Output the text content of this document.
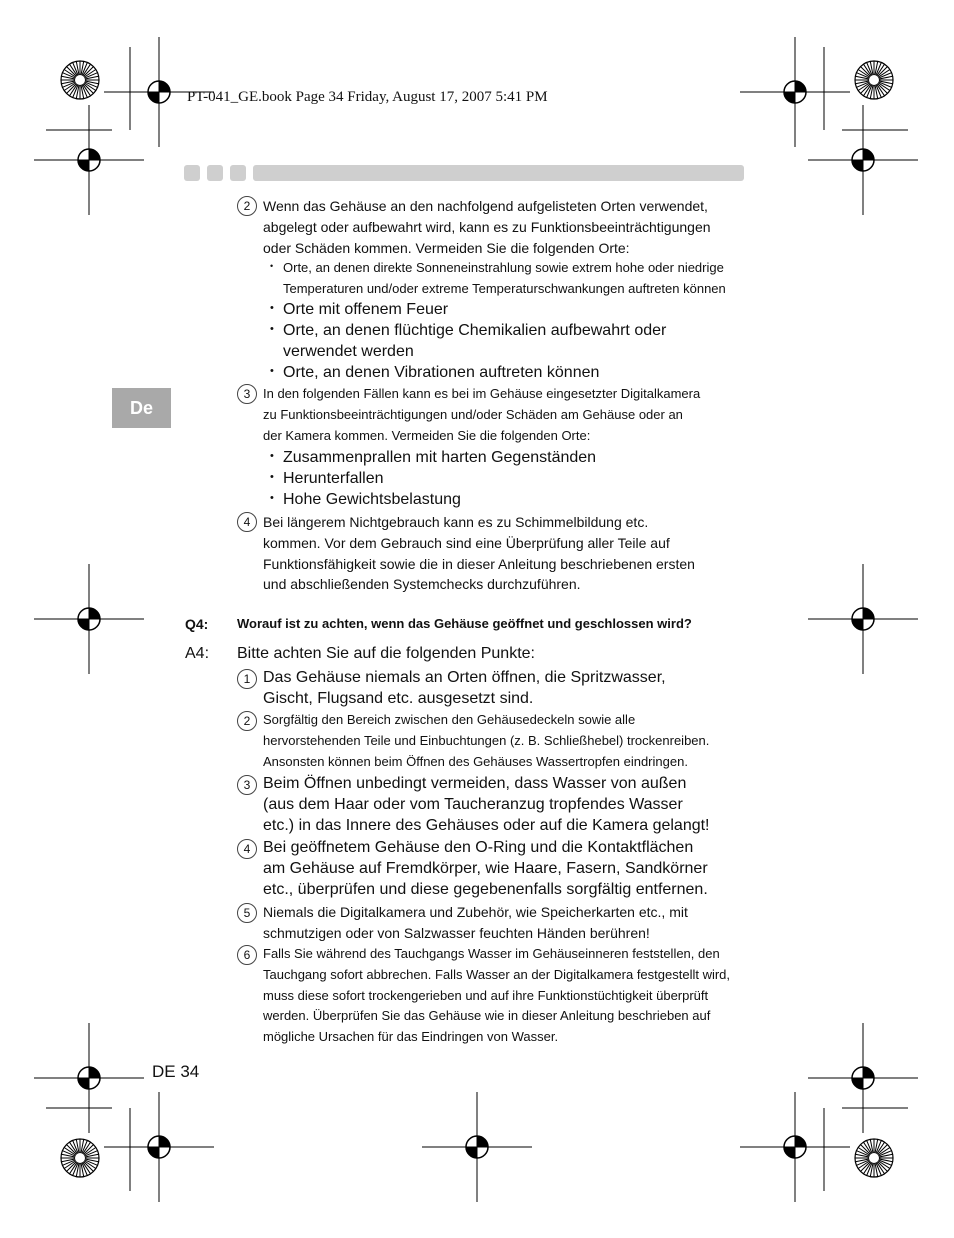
PT-041_GE.book Page 34 Friday, August 17, 2007 5:41 PM
De
2 Wenn das Gehäuse an den nachfolgend aufgelisteten Orten verwendet,
abgelegt oder aufbewahrt wird, kann es zu Funktionsbeeinträchtigungen
oder Schäden kommen. Vermeiden Sie die folgenden Orte:
• Orte, an denen direkte Sonneneinstrahlung sowie extrem hohe oder niedrige
Temperaturen und/oder extreme Temperaturschwankungen auftreten können
• Orte mit offenem Feuer
• Orte, an denen flüchtige Chemikalien aufbewahrt oder
verwendet werden
• Orte, an denen Vibrationen auftreten können
3 In den folgenden Fällen kann es bei im Gehäuse eingesetzter Digitalkamera
zu Funktionsbeeinträchtigungen und/oder Schäden am Gehäuse oder an
der Kamera kommen. Vermeiden Sie die folgenden Orte:
• Zusammenprallen mit harten Gegenständen
• Herunterfallen
• Hohe Gewichtsbelastung
4 Bei längerem Nichtgebrauch kann es zu Schimmelbildung etc.
kommen. Vor dem Gebrauch sind eine Überprüfung aller Teile auf
Funktionsfähigkeit sowie die in dieser Anleitung beschriebenen ersten
und abschließenden Systemchecks durchzuführen.
Q4: Worauf ist zu achten, wenn das Gehäuse geöffnet und geschlossen wird?
A4: Bitte achten Sie auf die folgenden Punkte:
1 Das Gehäuse niemals an Orten öffnen, die Spritzwasser,
Gischt, Flugsand etc. ausgesetzt sind.
2 Sorgfältig den Bereich zwischen den Gehäusedeckeln sowie alle
hervorstehenden Teile und Einbuchtungen (z. B. Schließhebel) trockenreiben.
Ansonsten können beim Öffnen des Gehäuses Wassertropfen eindringen.
3 Beim Öffnen unbedingt vermeiden, dass Wasser von außen
(aus dem Haar oder vom Taucheranzug tropfendes Wasser
etc.) in das Innere des Gehäuses oder auf die Kamera gelangt!
4 Bei geöffnetem Gehäuse den O-Ring und die Kontaktflächen
am Gehäuse auf Fremdkörper, wie Haare, Fasern, Sandkörner
etc., überprüfen und diese gegebenenfalls sorgfältig entfernen.
5 Niemals die Digitalkamera und Zubehör, wie Speicherkarten etc., mit
schmutzigen oder von Salzwasser feuchten Händen berühren!
6 Falls Sie während des Tauchgangs Wasser im Gehäuseinneren feststellen, den
Tauchgang sofort abbrechen. Falls Wasser an der Digitalkamera festgestellt wird,
muss diese sofort trockengerieben und auf ihre Funktionstüchtigkeit überprüft
werden. Überprüfen Sie das Gehäuse wie in dieser Anleitung beschrieben auf
mögliche Ursachen für das Eindringen von Wasser.
DE 34
